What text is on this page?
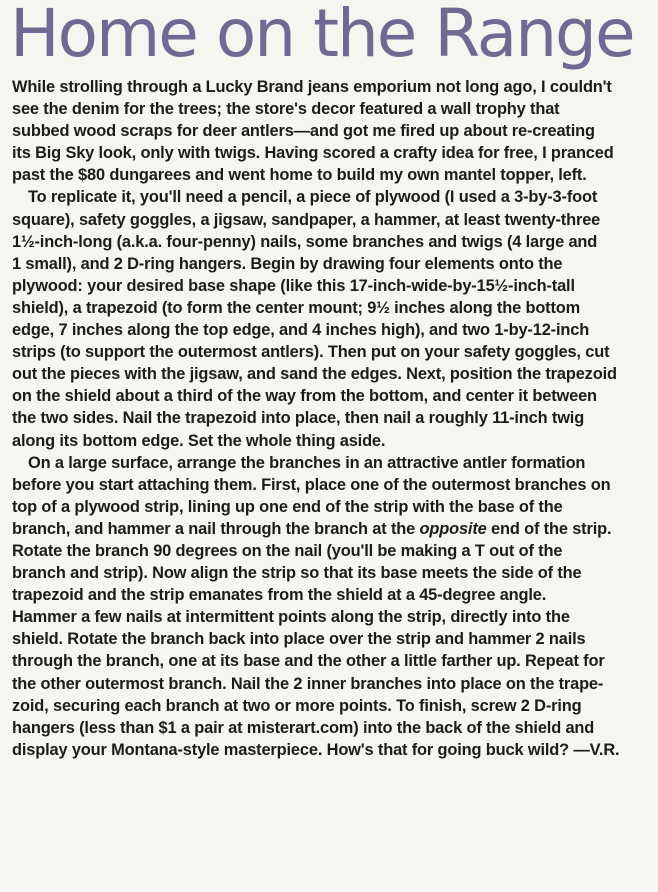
Home on the Range

While strolling through a Lucky Brand jeans emporium not long ago, I couldn't
see the denim for the trees; the store's decor featured a wall trophy that
subbed wood scraps for deer antlers—and got me fired up about re-creating
its Big Sky look, only with twigs. Having scored a crafty idea for free, I pranced
past the $80 dungarees and went home to build my own mantel topper, left.

To replicate it, you'll need a pencil, a piece of plywood (I used a 3-by-3-foot
square), safety goggles, a jigsaw, sandpaper, a hammer, at least twenty-three
1½-inch-long (a.k.a. four-penny) nails, some branches and twigs (4 large and
1 small), and 2 D-ring hangers. Begin by drawing four elements onto the
plywood: your desired base shape (like this 17-inch-wide-by-15½-inch-tall
shield), a trapezoid (to form the center mount; 9½ inches along the bottom
edge, 7 inches along the top edge, and 4 inches high), and two 1-by-12-inch
strips (to support the outermost antlers). Then put on your safety goggles, cut
out the pieces with the jigsaw, and sand the edges. Next, position the trapezoid
on the shield about a third of the way from the bottom, and center it between
the two sides. Nail the trapezoid into place, then nail a roughly 11-inch twig
along its bottom edge. Set the whole thing aside.

On a large surface, arrange the branches in an attractive antler formation
before you start attaching them. First, place one of the outermost branches on
top of a plywood strip, lining up one end of the strip with the base of the
branch, and hammer a nail through the branch at the opposite end of the strip.
Rotate the branch 90 degrees on the nail (you'll be making a T out of the
branch and strip). Now align the strip so that its base meets the side of the
trapezoid and the strip emanates from the shield at a 45-degree angle.
Hammer a few nails at intermittent points along the strip, directly into the
shield. Rotate the branch back into place over the strip and hammer 2 nails
through the branch, one at its base and the other a little farther up. Repeat for
the other outermost branch. Nail the 2 inner branches into place on the trape-
zoid, securing each branch at two or more points. To finish, screw 2 D-ring
hangers (less than $1 a pair at misterart.com) into the back of the shield and
display your Montana-style masterpiece. How's that for going buck wild? —V.R.
